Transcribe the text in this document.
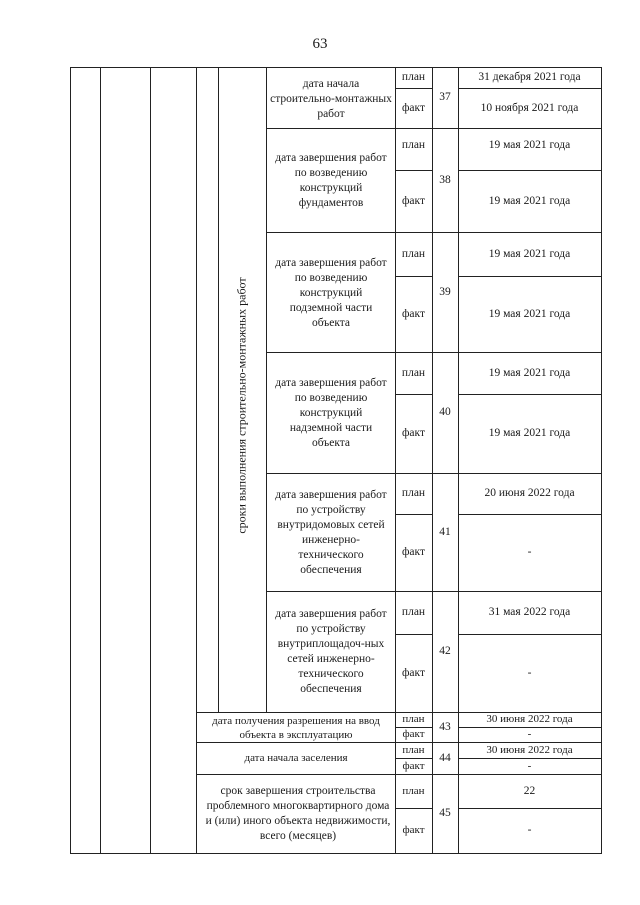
63
сроки выполнения строительно-монтажных работ
дата начала строительно-монтажных работ
план
факт
37
31 декабря 2021 года
10 ноября 2021 года
дата завершения работ по возведению конструкций фундаментов
план
факт
38
19 мая 2021 года
19 мая 2021 года
дата завершения работ по возведению конструкций подземной части объекта
план
факт
39
19 мая 2021 года
19 мая 2021 года
дата завершения работ по возведению конструкций надземной части объекта
план
факт
40
19 мая 2021 года
19 мая 2021 года
дата завершения работ по устройству внутридомовых сетей инженерно-технического обеспечения
план
факт
41
20 июня 2022 года
-
дата завершения работ по устройству внутриплощадоч-ных сетей инженерно-технического обеспечения
план
факт
42
31 мая 2022 года
-
дата получения разрешения на ввод объекта в эксплуатацию
план
факт
43
30 июня 2022 года
-
дата начала заселения
план
факт
44
30 июня 2022 года
-
срок завершения строительства проблемного многоквартирного дома и (или) иного объекта недвижимости, всего (месяцев)
план
факт
45
22
-
